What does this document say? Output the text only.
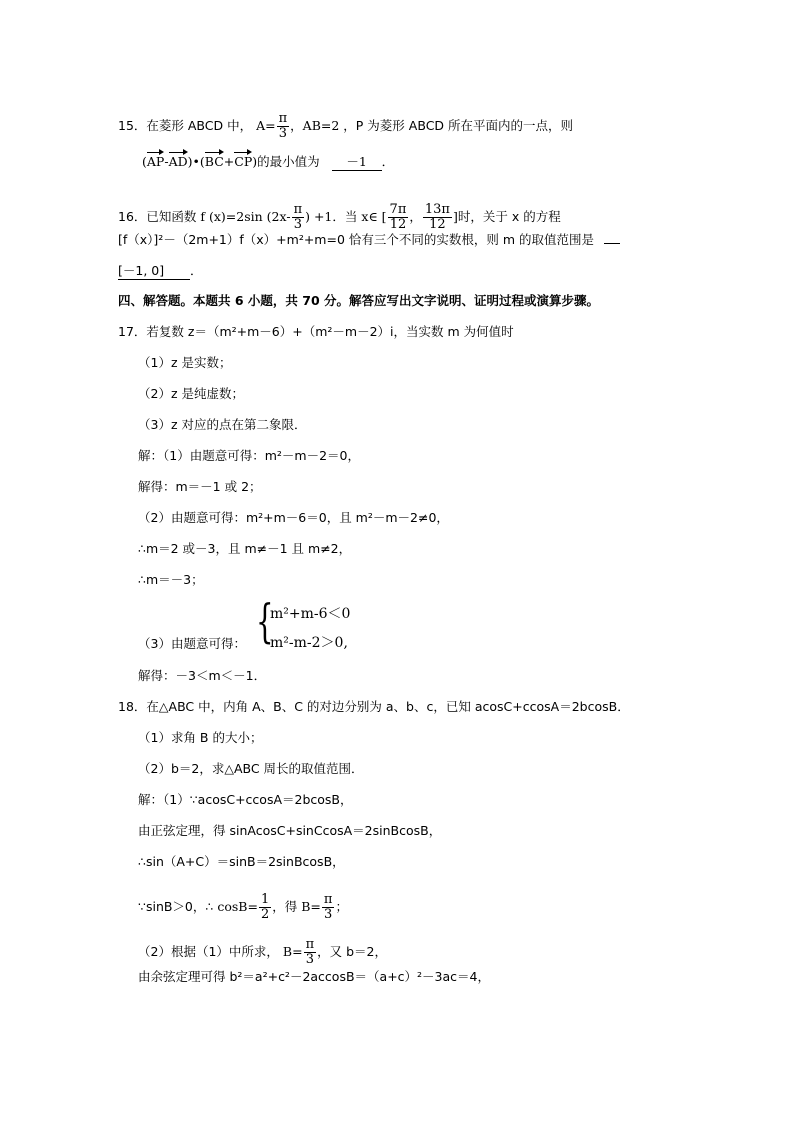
15．在菱形 ABCD 中， $A= \frac{\pi}{3}$ ，AB=2 ，P 为菱形 ABCD 所在平面内的一点，则
(AP-AD)•(BC+CP)的最小值为 －1 ．
16．已知函数 f (x)=2sin ($2x- \frac{\pi}{3}$ ) +1．当 x∈ [ $\frac{7\pi}{12}$ ， $\frac{13\pi}{12}$ ]时，关于 x 的方程
[f（x）]²－（2m+1）f（x）+m²+m=0 恰有三个不同的实数根，则 m 的取值范围是
[－1, 0] ．
四、解答题。本题共 6 小题，共 70 分。解答应写出文字说明、证明过程或演算步骤。
17．若复数 z＝（m²+m－6）+（m²－m－2）i，当实数 m 为何值时
（1）z 是实数；
（2）z 是纯虚数；
（3）z 对应的点在第二象限．
解：（1）由题意可得：m²－m－2＝0，
解得：m＝－1 或 2；
（2）由题意可得：m²+m－6＝0，且 m²－m－2≠0，
∴m＝2 或－3，且 m≠－1 且 m≠2，
∴m＝－3；
（3）由题意可得： {
m²+m-6＜0
m²-m-2＞0,
解得：－3＜m＜－1．
18．在△ABC 中，内角 A、B、C 的对边分别为 a、b、c，已知 acosC+ccosA＝2bcosB．
（1）求角 B 的大小；
（2）b＝2，求△ABC 周长的取值范围．
解：（1）∵acosC+ccosA＝2bcosB，
由正弦定理，得 sinAcosC+sinCcosA＝2sinBcosB，
∴sin（A+C）＝sinB＝2sinBcosB，
∵sinB＞0，∴ $\cos B= \frac{1}{2}$ ，得 $B= \frac{\pi}{3}$ ；
（2）根据（1）中所求， $B= \frac{\pi}{3}$ ，又 b＝2，
由余弦定理可得 b²＝a²+c²－2accosB＝（a+c）²－3ac＝4，
